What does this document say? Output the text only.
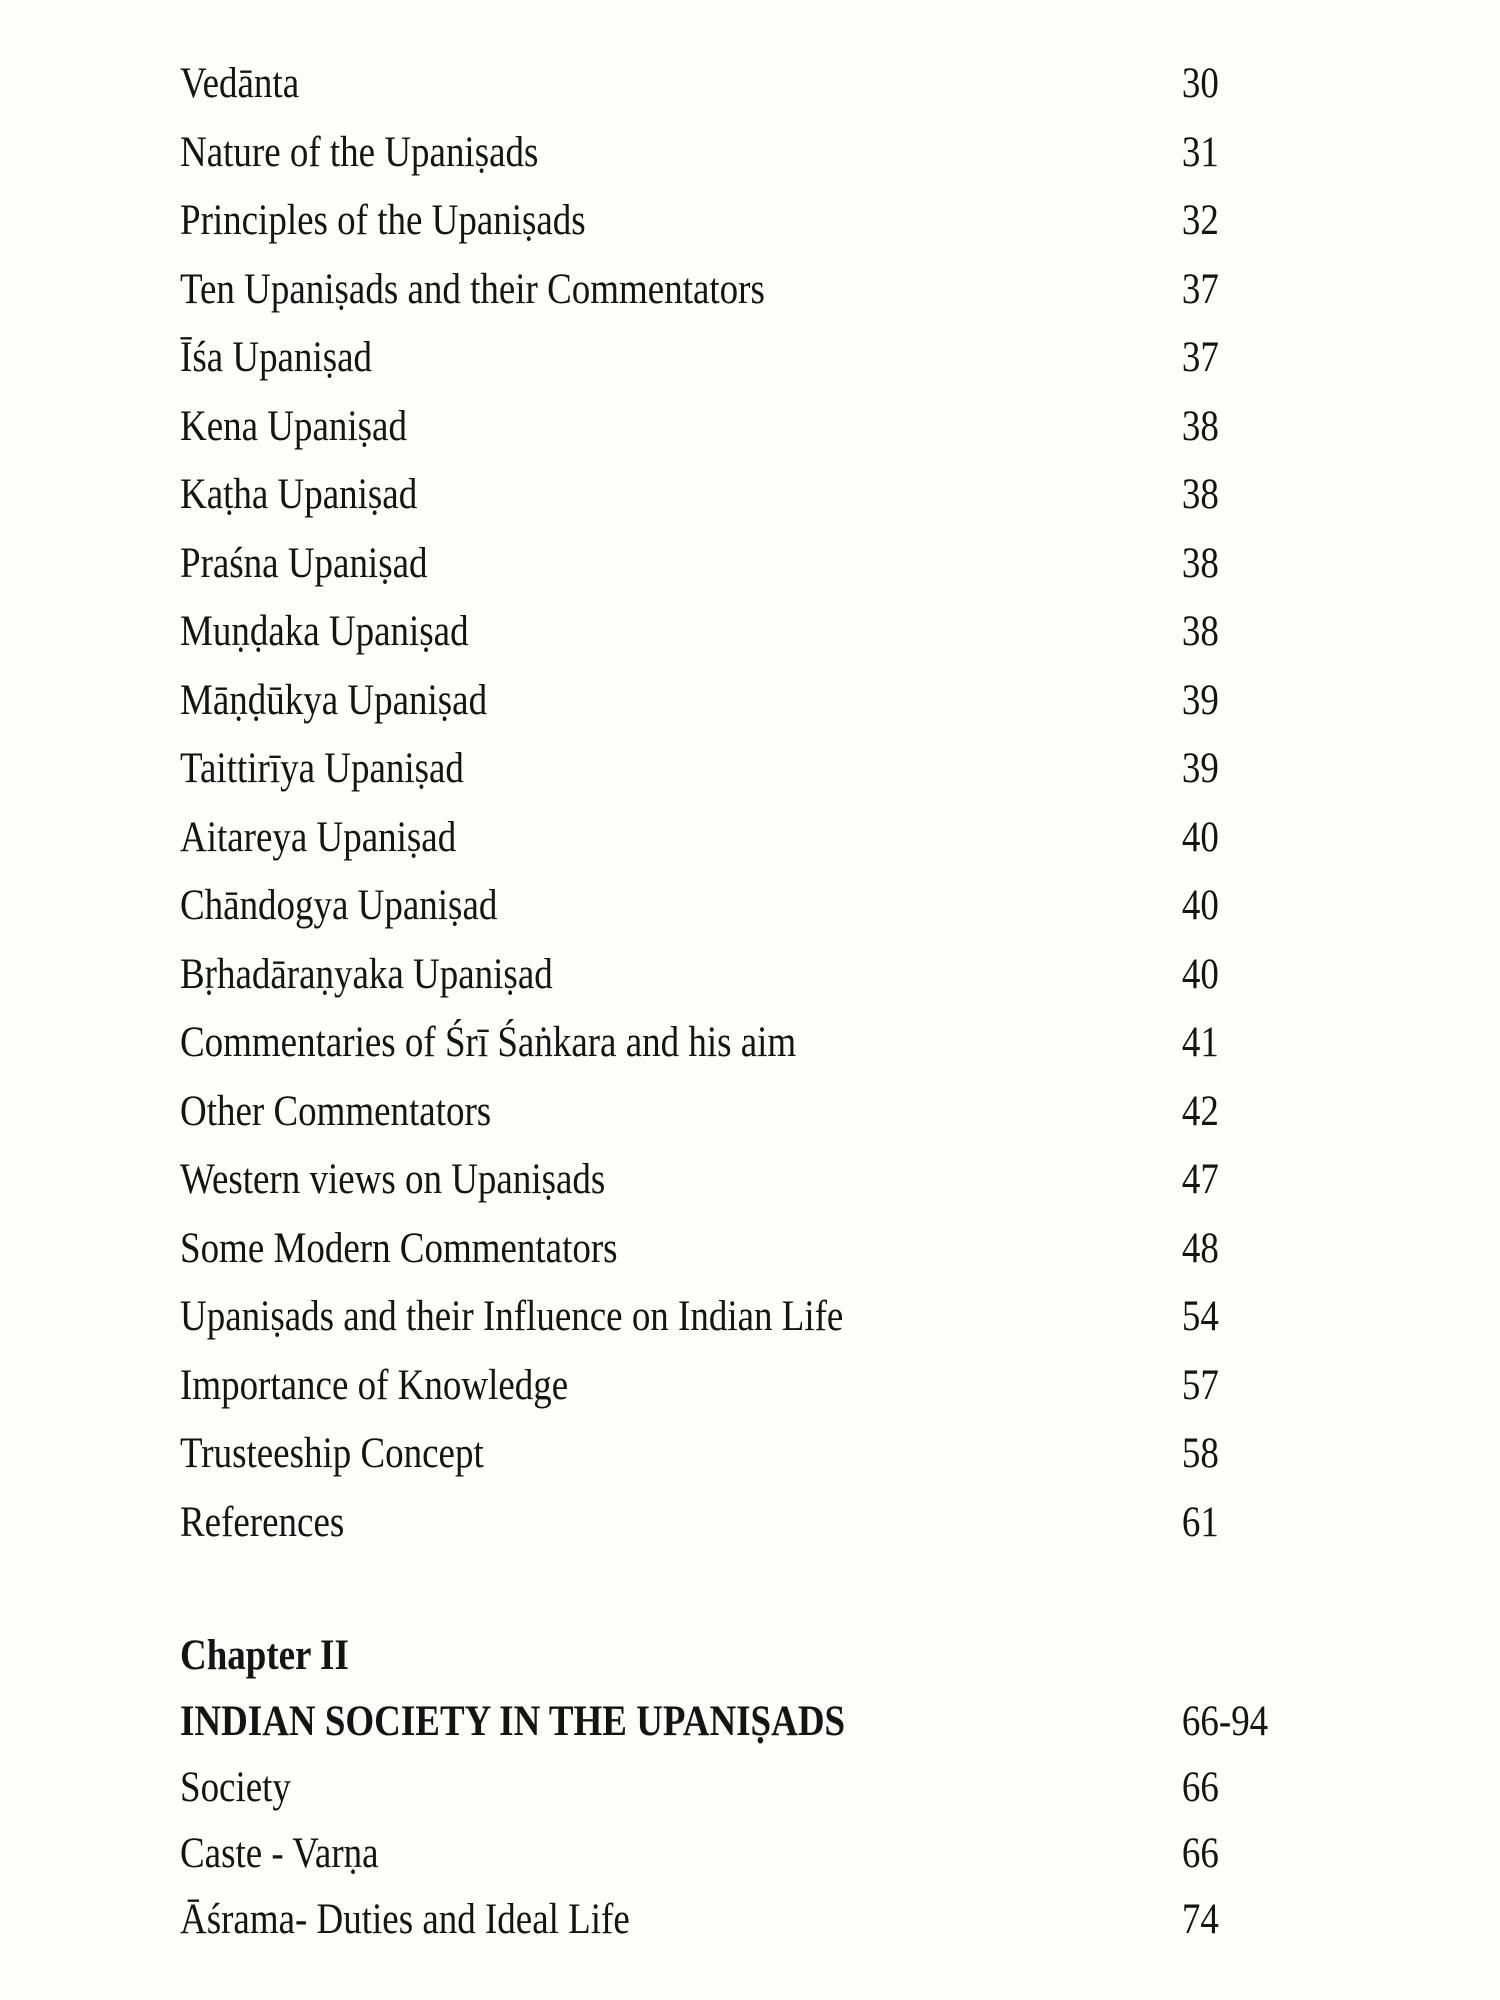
Vedānta	30
Nature of the Upaniṣads	31
Principles of the Upaniṣads	32
Ten Upaniṣads and their Commentators	37
Īśa Upaniṣad	37
Kena Upaniṣad	38
Kaṭha Upaniṣad	38
Praśna Upaniṣad	38
Muṇḍaka Upaniṣad	38
Māṇḍūkya Upaniṣad	39
Taittirīya Upaniṣad	39
Aitareya Upaniṣad	40
Chāndogya Upaniṣad	40
Bṛhadāraṇyaka Upaniṣad	40
Commentaries of Śrī Śaṅkara and his aim	41
Other Commentators	42
Western views on Upaniṣads	47
Some Modern Commentators	48
Upaniṣads and their Influence on Indian Life	54
Importance of Knowledge	57
Trusteeship Concept	58
References	61
Chapter II
INDIAN SOCIETY IN THE UPANIṢADS	66-94
Society	66
Caste - Varṇa	66
Āśrama- Duties and Ideal Life	74
